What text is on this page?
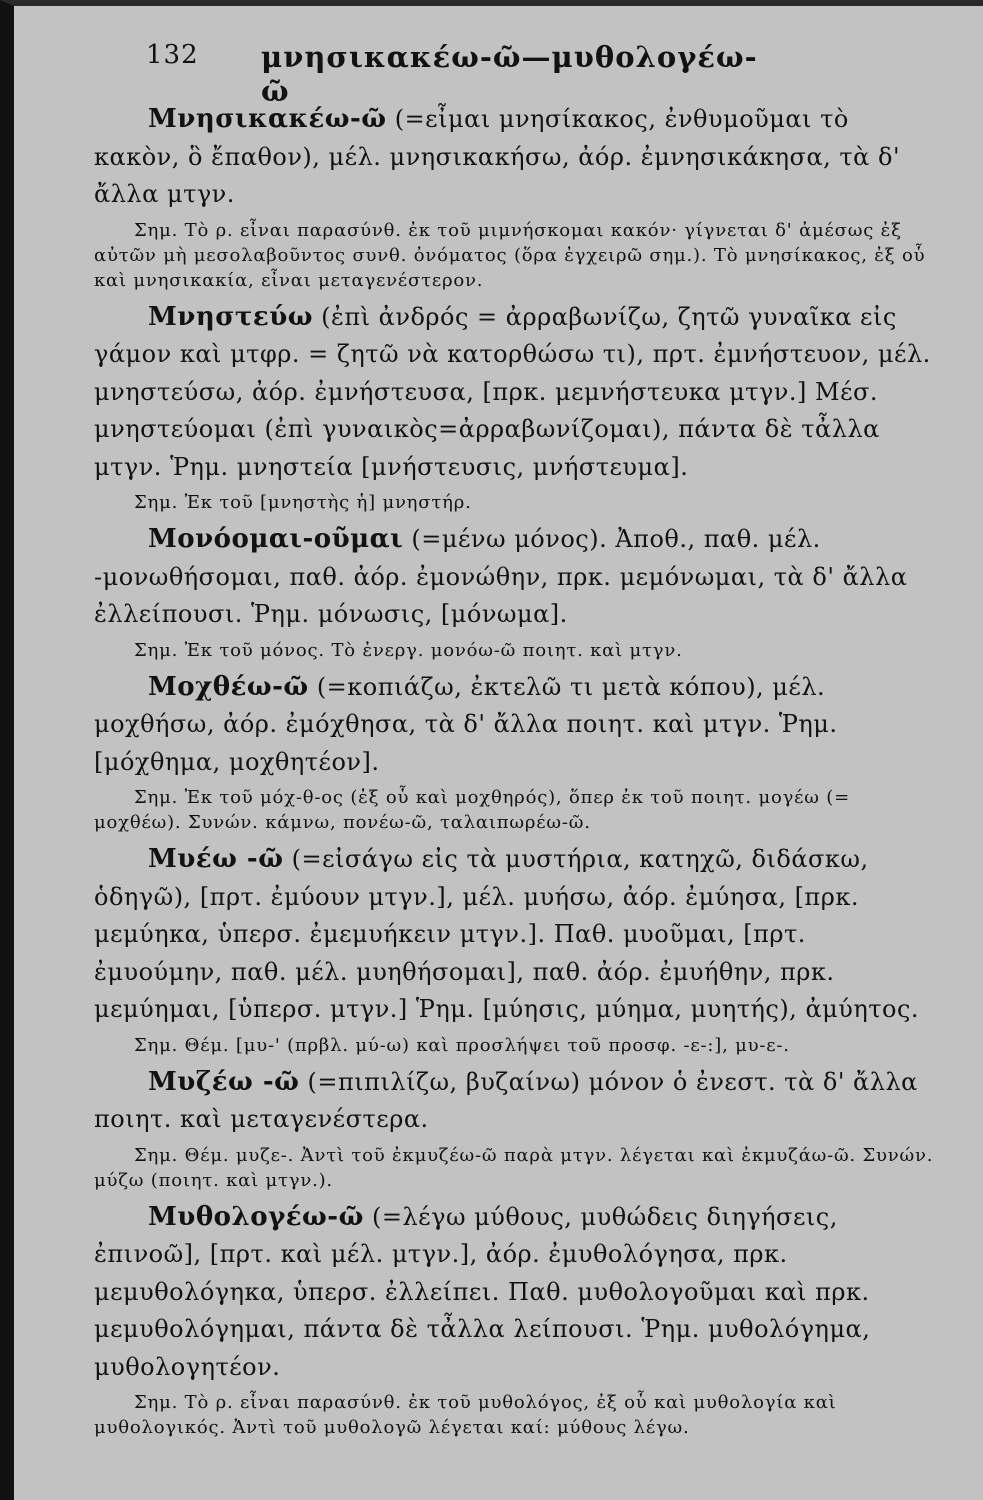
132 μνησικακέω-ῶ—μυθολογέω-ῶ

Μνησικακέω-ῶ (=εἶμαι μνησίκακος, ἐνθυμοῦμαι τὸ κακὸν, ὃ ἔπαθον), μέλ. μνησικακήσω, ἀόρ. ἐμνησικάκησα, τὰ δ' ἄλλα μτγν.

Σημ. Τὸ ρ. εἶναι παρασύνθ. ἐκ τοῦ μιμνήσκομαι κακόν· γίγνεται δ' ἀμέσως ἐξ αὐτῶν μὴ μεσολαβοῦντος συνθ. ὀνόματος (ὅρα ἐγχειρῶ σημ.). Τὸ μνησίκακος, ἐξ οὗ καὶ μνησικακία, εἶναι μεταγενέστερον.

Μνηστεύω (ἐπὶ ἀνδρός = ἀρραβωνίζω, ζητῶ γυναῖκα εἰς γάμον καὶ μτφρ. = ζητῶ νὰ κατορθώσω τι), πρτ. ἐμνήστευον, μέλ. μνηστεύσω, ἀόρ. ἐμνήστευσα, [πρκ. μεμνήστευκα μτγν.] Μέσ. μνηστεύομαι (ἐπὶ γυναικὸς=ἀρραβωνίζομαι), πάντα δὲ τἆλλα μτγν. Ῥημ. μνηστεία [μνήστευσις, μνήστευμα].

Σημ. Ἐκ τοῦ [μνηστὴς ἡ] μνηστήρ.

Μονόομαι-οῦμαι (=μένω μόνος). Ἀποθ., παθ. μέλ. -μονωθήσομαι, παθ. ἀόρ. ἐμονώθην, πρκ. μεμόνωμαι, τὰ δ' ἄλλα ἐλλείπουσι. Ῥημ. μόνωσις, [μόνωμα].

Σημ. Ἐκ τοῦ μόνος. Τὸ ἐνεργ. μονόω-ῶ ποιητ. καὶ μτγν.

Μοχθέω-ῶ (=κοπιάζω, ἐκτελῶ τι μετὰ κόπου), μέλ. μοχθήσω, ἀόρ. ἐμόχθησα, τὰ δ' ἄλλα ποιητ. καὶ μτγν. Ῥημ. [μόχθημα, μοχθητέον].

Σημ. Ἐκ τοῦ μόχ-θ-ος (ἐξ οὗ καὶ μοχθηρός), ὅπερ ἐκ τοῦ ποιητ. μογέω (= μοχθέω). Συνών. κάμνω, πονέω-ῶ, ταλαιπωρέω-ῶ.

Μυέω -ῶ (=εἰσάγω εἰς τὰ μυστήρια, κατηχῶ, διδάσκω, ὁδηγῶ), [πρτ. ἐμύουν μτγν.], μέλ. μυήσω, ἀόρ. ἐμύησα, [πρκ. μεμύηκα, ὑπερσ. ἐμεμυήκειν μτγν.]. Παθ. μυοῦμαι, [πρτ. ἐμυούμην, παθ. μέλ. μυηθήσομαι], παθ. ἀόρ. ἐμυήθην, πρκ. μεμύημαι, [ὑπερσ. μτγν.] Ῥημ. [μύησις, μύημα, μυητής), ἀμύητος.

Σημ. Θέμ. [μυ-' (πρβλ. μύ-ω) καὶ προσλήψει τοῦ προσφ. -ε-:], μυ-ε-.

Μυζέω -ῶ (=πιπιλίζω, βυζαίνω) μόνον ὁ ἐνεστ. τὰ δ' ἄλλα ποιητ. καὶ μεταγενέστερα.

Σημ. Θέμ. μυζε-. Ἀντὶ τοῦ ἐκμυζέω-ῶ παρὰ μτγν. λέγεται καὶ ἐκμυζάω-ῶ. Συνών. μύζω (ποιητ. καὶ μτγν.).

Μυθολογέω-ῶ (=λέγω μύθους, μυθώδεις διηγήσεις, ἐπινοῶ], [πρτ. καὶ μέλ. μτγν.], ἀόρ. ἐμυθολόγησα, πρκ. μεμυθολόγηκα, ὑπερσ. ἐλλείπει. Παθ. μυθολογοῦμαι καὶ πρκ. μεμυθολόγημαι, πάντα δὲ τἆλλα λείπουσι. Ῥημ. μυθολόγημα, μυθολογητέον.

Σημ. Τὸ ρ. εἶναι παρασύνθ. ἐκ τοῦ μυθολόγος, ἐξ οὗ καὶ μυθολογία καὶ μυθολογικός. Ἀντὶ τοῦ μυθολογῶ λέγεται καί: μύθους λέγω.
